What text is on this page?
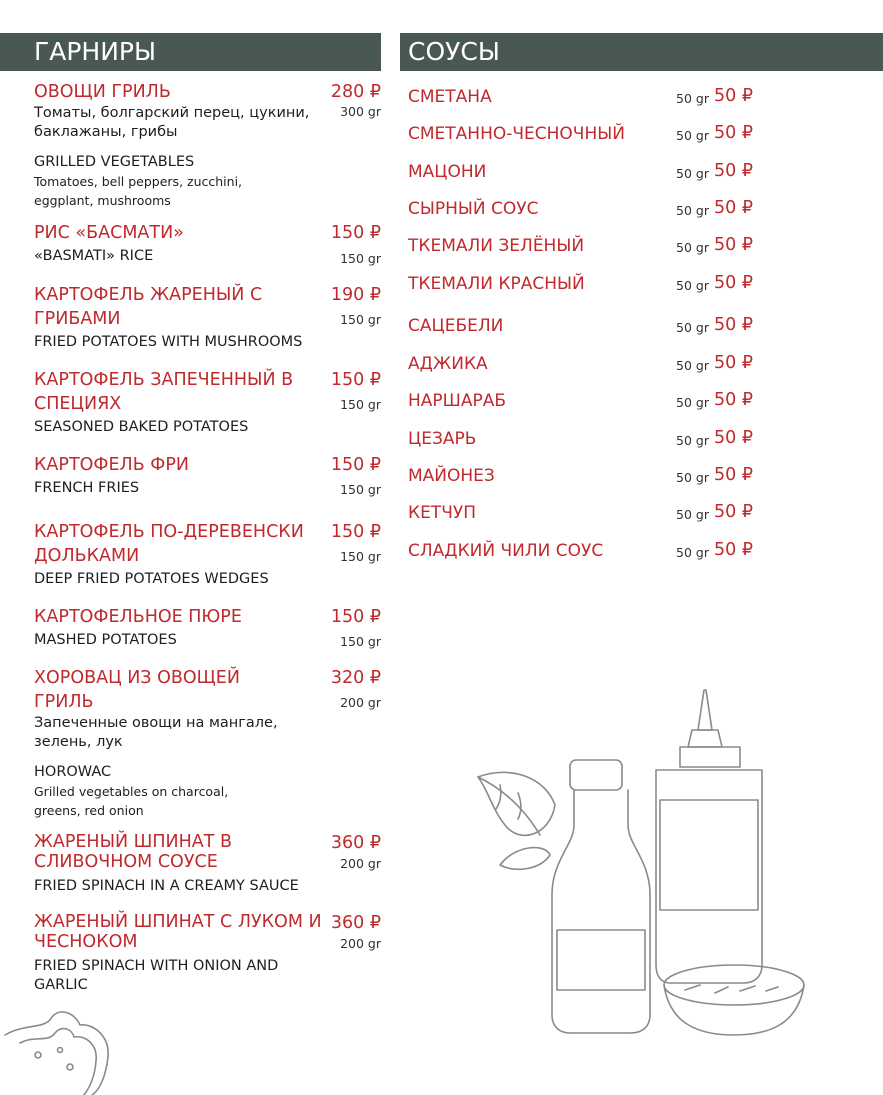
ГАРНИРЫ	СОУСЫ
ОВОЩИ ГРИЛЬ	280 ₽
300 gr
Томаты, болгарский перец, цукини, баклажаны, грибы
GRILLED VEGETABLES
Tomatoes, bell peppers, zucchini, eggplant, mushrooms
РИС «БАСМАТИ»	150 ₽
150 gr
«BASMATI» RICE
КАРТОФЕЛЬ ЖАРЕНЫЙ С ГРИБАМИ
190 ₽
150 gr
FRIED POTATOES WITH MUSHROOMS
КАРТОФЕЛЬ ЗАПЕЧЕННЫЙ В СПЕЦИЯХ
150 ₽
150 gr
SEASONED BAKED POTATOES
КАРТОФЕЛЬ ФРИ	150 ₽
150 gr
FRENCH FRIES
КАРТОФЕЛЬ ПО-ДЕРЕВЕНСКИ ДОЛЬКАМИ
150 ₽
150 gr
DEEP FRIED POTATOES WEDGES
КАРТОФЕЛЬНОЕ ПЮРЕ	150 ₽
150 gr
MASHED POTATOES
ХОРОВАЦ ИЗ ОВОЩЕЙ ГРИЛЬ
320 ₽
200 gr
Запеченные овощи на мангале, зелень, лук
HOROWAC
Grilled vegetables on charcoal, greens, red onion
ЖАРЕНЫЙ ШПИНАТ В СЛИВОЧНОМ СОУСЕ
360 ₽
200 gr
FRIED SPINACH IN A CREAMY SAUCE
ЖАРЕНЫЙ ШПИНАТ С ЛУКОМ И ЧЕСНОКОМ
360 ₽
200 gr
FRIED SPINACH WITH ONION AND GARLIC
СМЕТАНА	50 gr 50 ₽
СМЕТАННО-ЧЕСНОЧНЫЙ	50 gr 50 ₽
МАЦОНИ	50 gr 50 ₽
СЫРНЫЙ СОУС	50 gr 50 ₽
ТКЕМАЛИ ЗЕЛЁНЫЙ	50 gr 50 ₽
ТКЕМАЛИ КРАСНЫЙ	50 gr 50 ₽
САЦЕБЕЛИ	50 gr 50 ₽
АДЖИКА	50 gr 50 ₽
НАРШАРАБ	50 gr 50 ₽
ЦЕЗАРЬ	50 gr 50 ₽
МАЙОНЕЗ	50 gr 50 ₽
КЕТЧУП	50 gr 50 ₽
СЛАДКИЙ ЧИЛИ СОУС	50 gr 50 ₽
